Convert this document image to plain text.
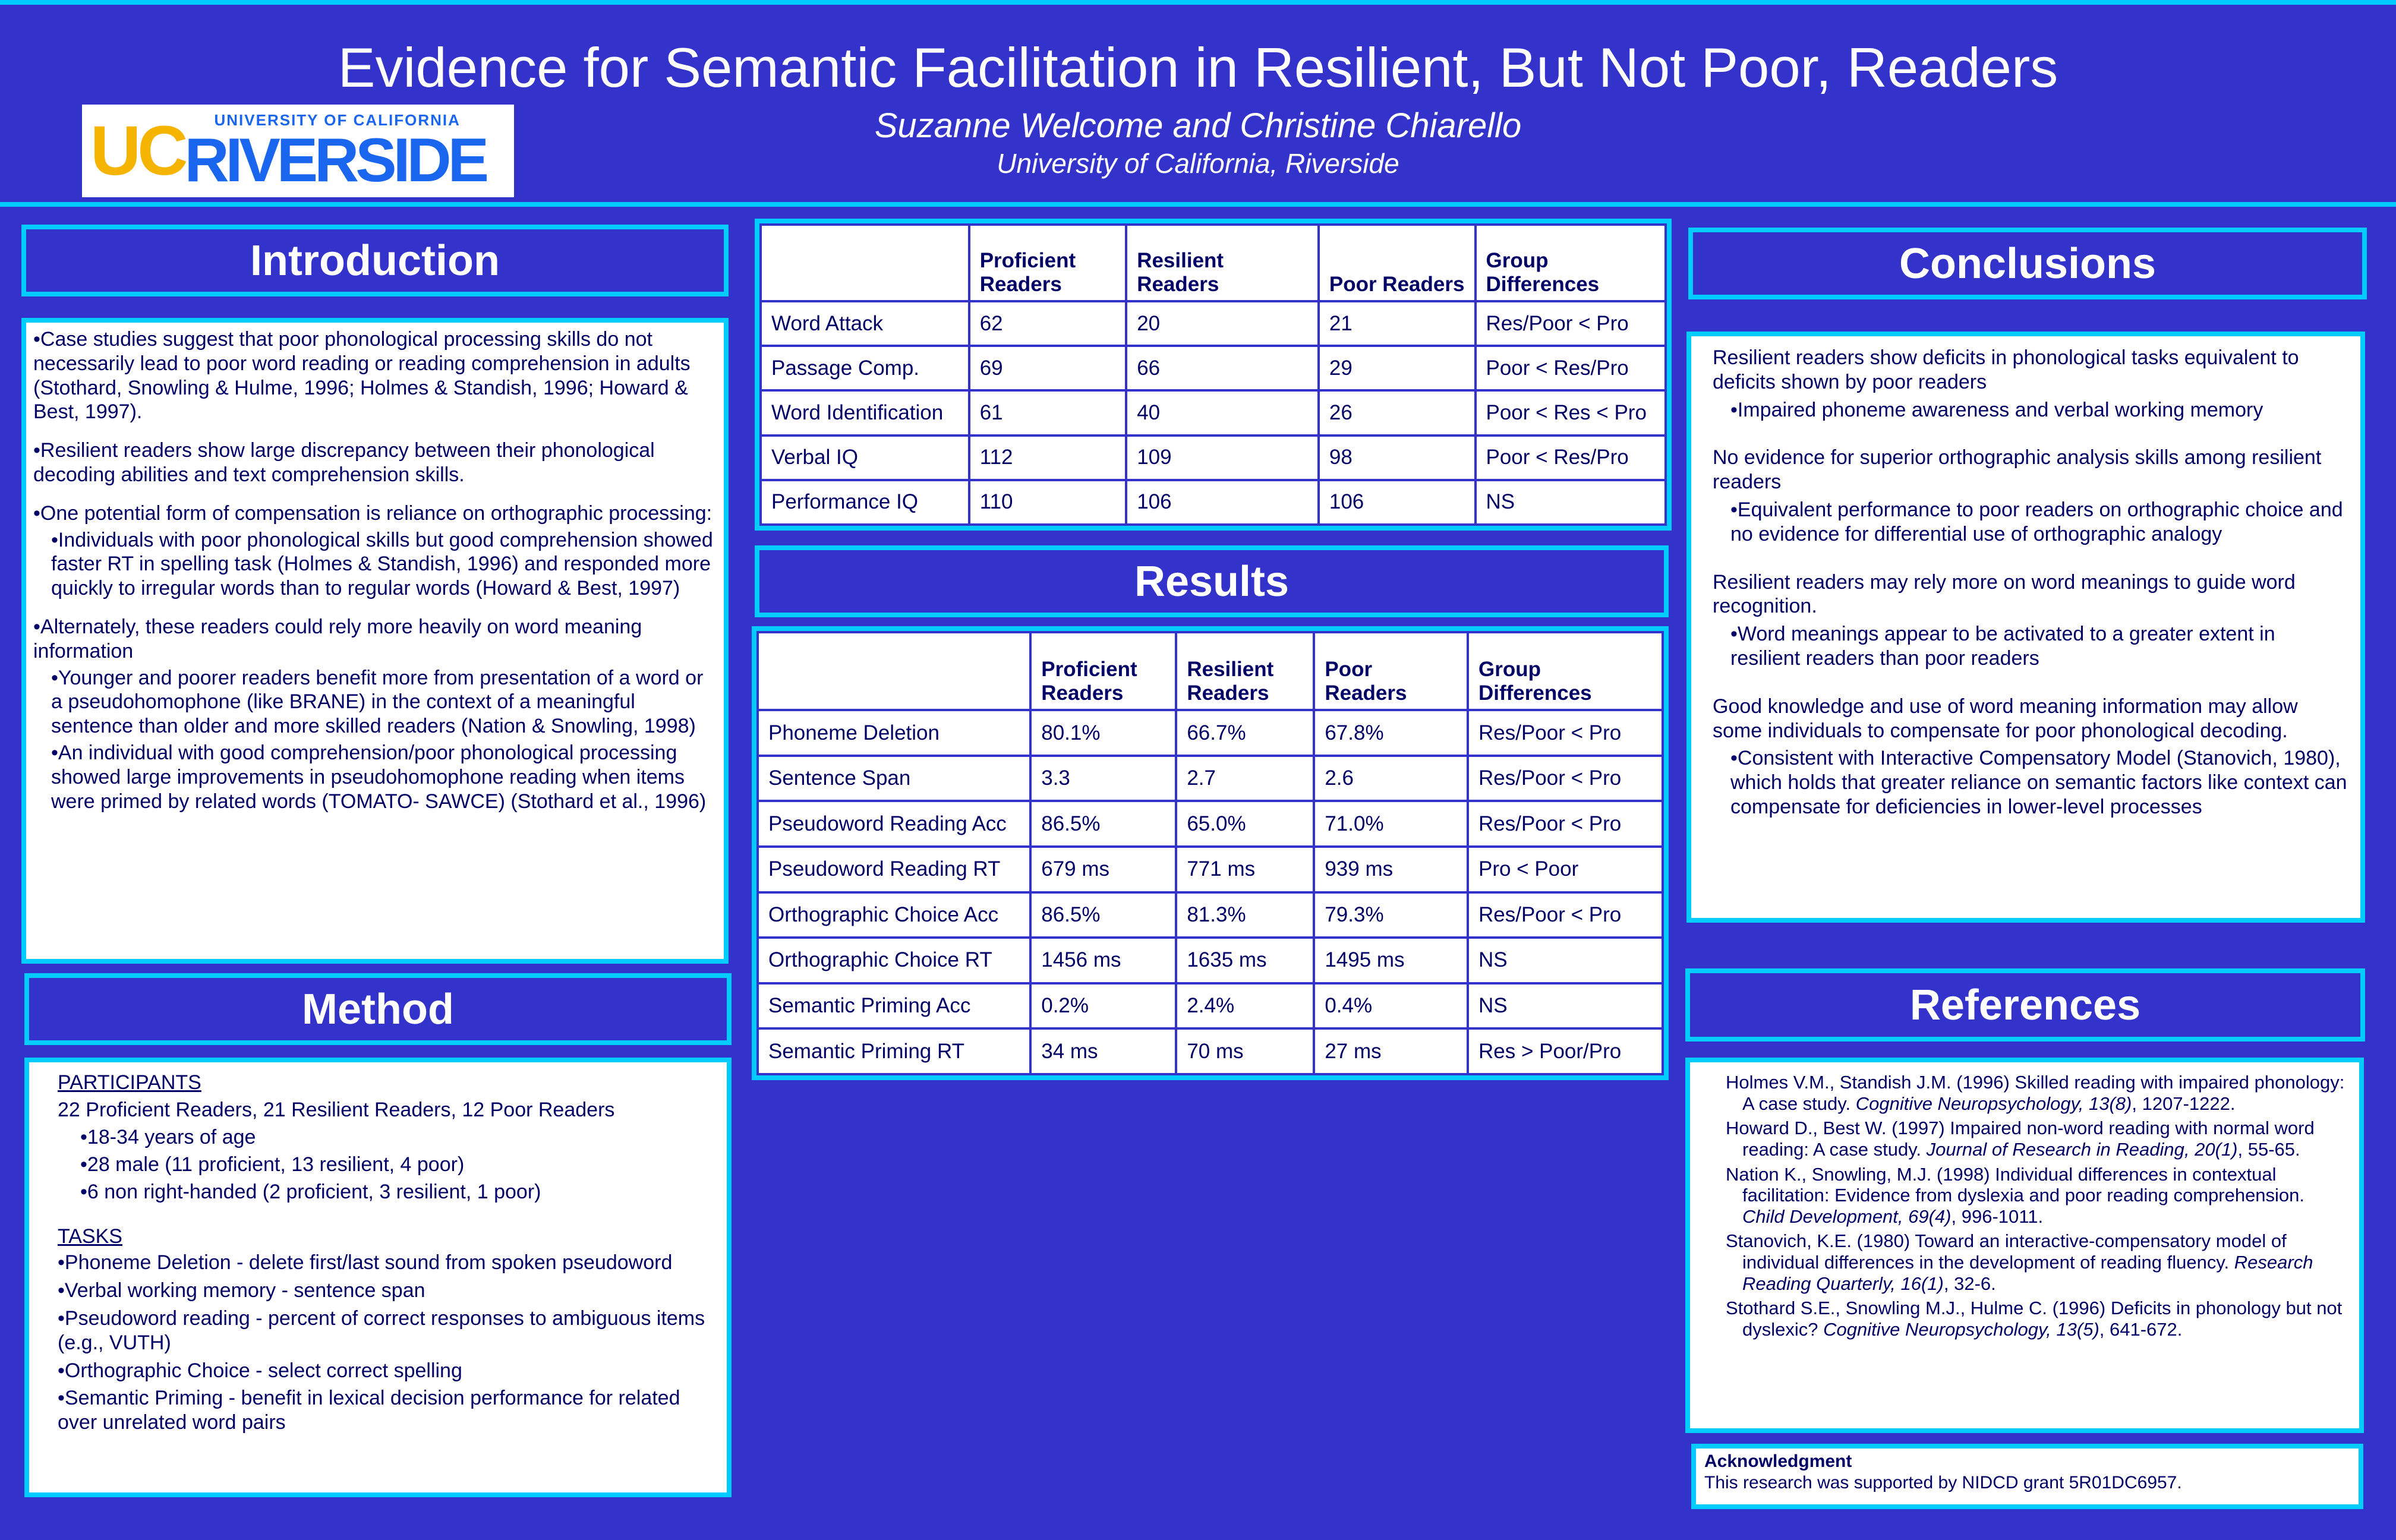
Evidence for Semantic Facilitation in Resilient, But Not Poor, Readers
Suzanne Welcome and Christine Chiarello
University of California, Riverside
UC	UNIVERSITY OF CALIFORNIA
RIVERSIDE
Introduction
•Case studies suggest that poor phonological processing skills do not necessarily lead to poor word reading or reading comprehension in adults (Stothard, Snowling & Hulme, 1996; Holmes & Standish, 1996; Howard & Best, 1997).
•Resilient readers show large discrepancy between their phonological decoding abilities and text comprehension skills.
•One potential form of compensation is reliance on orthographic processing:
•Individuals with poor phonological skills but good comprehension showed faster RT in spelling task (Holmes & Standish, 1996) and responded more quickly to irregular words than to regular words (Howard & Best, 1997)
•Alternately, these readers could rely more heavily on word meaning information
•Younger and poorer readers benefit more from presentation of a word or a pseudohomophone (like BRANE) in the context of a meaningful sentence than older and more skilled readers (Nation & Snowling, 1998)
•An individual with good comprehension/poor phonological processing showed large improvements in pseudohomophone reading when items were primed by related words (TOMATO- SAWCE) (Stothard et al., 1996)
Method
PARTICIPANTS
22 Proficient Readers, 21 Resilient Readers, 12 Poor Readers
•18-34 years of age
•28 male (11 proficient, 13 resilient, 4 poor)
•6 non right-handed (2 proficient, 3 resilient, 1 poor)
TASKS
•Phoneme Deletion - delete first/last sound from spoken pseudoword
•Verbal working memory - sentence span
•Pseudoword reading - percent of correct responses to ambiguous items (e.g., VUTH)
•Orthographic Choice - select correct spelling
•Semantic Priming - benefit in lexical decision performance for related over unrelated word pairs
	Proficient Readers	Resilient Readers	Poor Readers	Group Differences
Word Attack	62	20	21	Res/Poor < Pro
Passage Comp.	69	66	29	Poor < Res/Pro
Word Identification	61	40	26	Poor < Res < Pro
Verbal IQ	112	109	98	Poor < Res/Pro
Performance IQ	110	106	106	NS
Results
	Proficient Readers	Resilient Readers	Poor Readers	Group Differences
Phoneme Deletion	80.1%	66.7%	67.8%	Res/Poor < Pro
Sentence Span	3.3	2.7	2.6	Res/Poor < Pro
Pseudoword Reading Acc	86.5%	65.0%	71.0%	Res/Poor < Pro
Pseudoword Reading RT	679 ms	771 ms	939 ms	Pro < Poor
Orthographic Choice Acc	86.5%	81.3%	79.3%	Res/Poor < Pro
Orthographic Choice RT	1456 ms	1635 ms	1495 ms	NS
Semantic Priming Acc	0.2%	2.4%	0.4%	NS
Semantic Priming RT	34 ms	70 ms	27 ms	Res > Poor/Pro
Conclusions
Resilient readers show deficits in phonological tasks equivalent to deficits shown by poor readers
•Impaired phoneme awareness and verbal working memory
No evidence for superior orthographic analysis skills among resilient readers
•Equivalent performance to poor readers on orthographic choice and no evidence for differential use of orthographic analogy
Resilient readers may rely more on word meanings to guide word recognition.
•Word meanings appear to be activated to a greater extent in resilient readers than poor readers
Good knowledge and use of word meaning information may allow some individuals to compensate for poor phonological decoding.
•Consistent with Interactive Compensatory Model (Stanovich, 1980), which holds that greater reliance on semantic factors like context can compensate for deficiencies in lower-level processes
References
Holmes V.M., Standish J.M. (1996) Skilled reading with impaired phonology: A case study. Cognitive Neuropsychology, 13(8), 1207-1222.
Howard D., Best W. (1997) Impaired non-word reading with normal word reading: A case study. Journal of Research in Reading, 20(1), 55-65.
Nation K., Snowling, M.J. (1998) Individual differences in contextual facilitation: Evidence from dyslexia and poor reading comprehension. Child Development, 69(4), 996-1011.
Stanovich, K.E. (1980) Toward an interactive-compensatory model of individual differences in the development of reading fluency. Research Reading Quarterly, 16(1), 32-6.
Stothard S.E., Snowling M.J., Hulme C. (1996) Deficits in phonology but not dyslexic? Cognitive Neuropsychology, 13(5), 641-672.
Acknowledgment
This research was supported by NIDCD grant 5R01DC6957.
